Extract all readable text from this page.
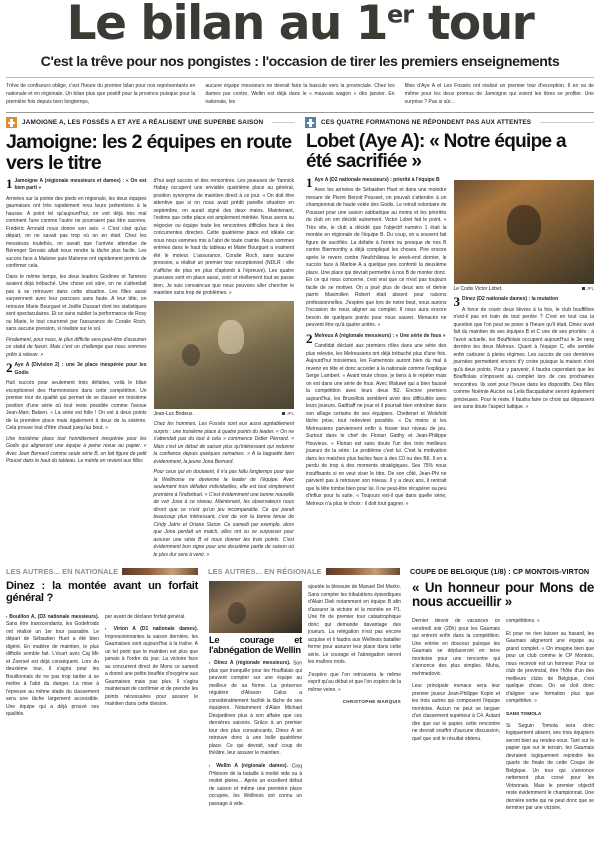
Le bilan au 1er tour
C'est la trêve pour nos pongistes : l'occasion de tirer les premiers enseignements
Trêve de confiseurs oblige, c'est l'heure du premier bilan pour nos représentants en nationale et en régionale. Un bilan plus que positif pour la province puisque pour la première fois depuis bien longtemps,
aucune équipe messieurs ne devrait faire la bascule vers la provinciale. Chez les dames par contre, Wellin est déjà dans le « mauvais wagon » dès janvier. En nationale, les
filles d'Aye A et Les Fossés ont réalisé un premier tour d'exception. Il en va de même pour les deux promus de Jamoigne qui voient les titres se profiler. Une surprise ? Pas si sûr...
JAMOIGNE A, LES FOSSÉS A ET AYE A RÉALISENT UNE SUPERBE SAISON	CES QUATRE FORMATIONS NE RÉPONDENT PAS AUX ATTENTES
Jamoigne: les 2 équipes en route vers le titre

1 Jamoigne A (régionale messieurs et dames) : « On est bien parti »

Arrivées sur la pointe des pieds en régionale, les deux équipes gaumaises ont très rapidement revu leurs prétentions à la hausse. A point tel qu'aujourd'hui, on voit déjà très mal comment l'une comme l'autre ne pourraient pas être sacrées. Frédéric Arnould nous donne son avis. « C'est clair qu'au départ, on ne savait pas trop où on en était. Chez les messieurs toutefois, on savait que l'arrivée attendue de Bérenger Servais allait nous rendre la tâche plus facile. Les succès face à Maloine puis Malonne ont rapidement permis de confirmer cela.

Dans le même temps, les deux leaders Godinne et Tamines avaient déjà trébuché. Une chose est sûre, on ne s'attendait pas à se retrouver dans cette situation. Les filles aussi surprennent avec leur parcours sans faute. A leur tête, on retrouve Marie Bourguet et Joëlle Dussart dont les statistiques sont spectaculaires. Et ce sans oublier la performance de Rosy ou Marie, le tout couronné par l'assurance de Coralie Roch, sans aucune pression, si réaliste sur le sol.

Finalement, pour nous, le plus difficile sera peut-être d'assumer ce statut de favori. Mais c'est un challenge que nous sommes prêts à relever. »

2 Aye A (Division 2) : une 3e place inespérée pour les Godis

Huit succès pour seulement trois défaites, voilà le bilan exceptionnel des Harmonoises dans cette compétition. Un premier tour de qualité qui permet de se classer en troisième position d'une série où tout reste possible comme l'avoue Jean-Marc Balsen. « La série est folle ! On est à deux points de la première place mais également à deux de la sixième. Cela prouve tout d'être chaud jusqu'au bout. »

Une troisième place tout honnêtement inespérée pour les Godis qui aligneront une équipe à peine revue au papier. « Avec Jean Bernard comme seule série B, on fait figure de petit Poucet dans le haut du tableau. Le mérite en revient aux filles

d'hui sept succès et des rencontres. Les joueuses de Yannick Habay occupent une enviable quatrième place au général, position synonyme de maintien direct à ce jour. « On doit être attentive que si on nous avait prédit pareille situation en septembre, on aurait signé des deux mains. Maintenant, l'estime que cette place est amplement méritée. Nous avons su négocier ou équipe toute les rencontres difficiles face à des concurrentes directes. Cette quatrième place est idéale car nous nous sommes mis à l'abri de toute crainte. Nous sommes entrées dans le haut du tableau et Marie Bourguet a vraiment été le moteur. L'assurance, Coralie Roch, sans aucune pression, a réalisé un premier tour exceptionnel (NDLR : elle n'affiche de plus en plus d'aplomb à l'épreuve). Les quatre joueuses sont en place aussi, voici et réellement tout se passe bien. Je suis convaincue que nous pouvons aller chercher le maintien sans trop de problèmes. »

Jean-Luc Bodeux.	JPL

Chez les hommes, Les Fossés sont eux aussi agréablement surpris : une troisième place à quatre points du leader. « On ne s'attendait pas du tout à cela » commence Didier Pierrard. « Mais c'est un début de saison plus qu'intéressant qui redonne la confiance depuis quelques semaines. » A la baguette bien évidemment, la jeune Jona Bernard.

Pour ceux qui en doutaient, il n'a pas fallu longtemps pour que la Wellinoise ne devienne la leader de l'équipe. Avec seulement trois défaites individuelles, elle est tout simplement première à l'individuel. « C'est évidemment une bonne nouvelle de voir Jona à ce niveau. Maintenant, les observateurs nous diront que ce n'est qu'un jeu incomparable. Ce qui parait beaucoup plus intéressant, c'est de voir la bonne tenue de Cindy Jatris et Oriane Siston. Ce samedi par exemple, alors que Jona perdait un match, elles ont su se surpasser pour assurer une série B et nous donner les trois points. C'est évidemment bon signe pour une deuxième partie de saison où le plus dur sera à venir. »

Lobet (Aye A): « Notre équipe a été sacrifiée »

1 Aye A (D2 nationale messieurs) : priorité à l'équipe B

Avec les arrivées de Sébastien Huet et dans une moindre mesure de Pierre Benoit Pousset, on pouvait s'attendre à un championnat de haute volée des Godis. Le retrait volontaire de Pousset pour une saison sabbatique au moins et les priorités du club en ont décidé autrement. Victor Lobet fait le point. « Très vite, le club a décidé que l'objectif numéro 1 était la montée en régionale de l'équipe B. Du coup, on a souvent fait figure de sacrifiés. La défaite à l'entre ou presque de nos B contre Biermonthy a déjà compliqué les choses. Pire encore après le revers contre Neufchâteau le week-end dernier, le succès face à Marloie A a quelque peu conforté la deuxième place. Une place qui devrait permettre à nos B de monter donc. En ce qui nous concerne, c'est vrai que ce n'est pas toujours facile de se motiver. On a joué plus de deux ans et demie parmi Maximilien Robert était absent pour raisons professionnelles. J'espère que lors de notre bout, nous aurons l'occasion de nous aligner au complet. Il nous aura encore besoin de quelques points pour nous sauver. Menacés ne peuvent être qu'à quatre unités. »

2 Melreux A (régionale messieurs) : « Une série de fous »

Candidat déclaré aux premiers rôles dans une série des plus relevée, les Melreusiens ont déjà trébuché plus d'une fois. Aujourd'hui troisièmes, les Famennois auront bien du mal à revenir en tête et donc accéder à la nationale comme l'explique Serge Lambert. « Avant toute chose, je tiens à le répéter mais on est dans une série de fous. Avec Waluwé qui a bien faussé la compétition avec leurs deux B2. Encore premiers aujourd'hui, les Bruxellois semblent avoir des difficultés avec leurs joueurs. Gatthaff ne joue et il pourrait bien entraîner dans son sillage certains de ses équipiers. Cheltenet et Wolsfeld lâche prise, tout redevient possible. « Du moins si les Melreusiens parviennent enfin à hisser leur niveau de jeu. Surtout dans le chef de Florian Gatthy et Jean-Philippe Houvieux. « Florian est sans doute l'un des trois meilleurs joueurs de la série. Le problème c'est lui. C'est la motivation dans les matches plus faciles face à des C0 ou des B6. Il en a perdu de trop à des moments stratégiques. Ses 75% nous insuffisants si on veut viser le titre. De son côté, Jean-Phi ne parvient pas à retrouver son niveau. Il y a deux ans, il rentrait que la tête tombe bien pour lui. Il ne peut-être récupérer sa peu d'influx pour la suite. « Toujours est-il que dans quelle série, Melreux n'a plus le choix : il doit tout gagner. »

Le Codis Victor Lobet.	JPL

3 Dinez (D2 nationale dames) : la mutation

A force de courir deux lièvres à la fois, le club bouffillois n'est-il pas en train de tout perdre ? C'est en tout cas la question que l'on peut se poser à l'heure qu'il était. Dinez avait fait du maintien de ses équipes B et C une de ses priorités : à l'avoir actuelle, les Bouffiolais occupent aujourd'hui le 3e rang derrière les deux Melreux. Quant à l'équipe C, elle semble enfin carburer à pleins régimes. Les succès de ces dernières journées permettent encore d'y croire puisque la maison n'est qu'à deux points. Pour y parvenir, il faudra cependant que les Bouffiolais s'imposent au complet lors de ces prochaines rencontres. Ils sont pour l'heure dans les dispositifs. Des filles comme Noémie Aucion ou Leila Bacqualaine seront également précieuses. Pour le reste, il faudra faire ce choix qui dépassent ses sans doute l'aspect ludique. »

LES AUTRES... EN NATIONALE	LES AUTRES... EN RÉGIONALE	COUPE DE BELGIQUE (1/8) : CP MONTOIS-VIRTON
Dinez : la montée avant un forfait général ?

▪ Bouillon A, (D3 nationale messieurs). Sans être transcendants, les Godefroids ont réalisé un 1er tour passable. Le départ de Sébastien Huet a été bien digéré. En matière de maintien, le plus difficile semble fait. L'écart avec Caj Mir et Zoersel est déjà conséquent. Lors du deuxième tour, il s'agira pour les Bouillonnais de ne pas trop tarder à se mettre à l'abri du danger. La mise à l'épreuve au même stade du classement sera une tâche largement accessible. Une équipe qui a déjà prouvé ses qualités.

per avant de déclarer forfait général.

▪ Virton A (D1 nationale dames). Impressionnantes la saison dernière, les Gaumaises sont aujourd'hui à la traîne. A un tel point que le maintien est plus que jamais à l'ordre du jour. La victoire face au concurrent direct de Mons ce samedi a donné une petite bouffée d'oxygène aux Gaumaises mais pas plus. Il s'agira maintenant de confirmer et de prendre les points nécessaires pour assurer le maintien dans cette division.

Le courage et l'abnégation de Wellin

▪ Dinez A (régionale messieurs). Son plus que tranquille pour les Houffalais qui peuvent compter sur une équipe au meilleur de sa forme. La présence régulière d'Alisson Calos a considérablement facilité la tâche de ses équipiers. Notamment d'Alain Michael Desjardines plus à son affaire que ces dernières saisons. Grâce à un premier tour des plus convaincants, Dinez A se retrouve donc à une belle quatrième place. Ce qui devrait, sauf coup de théâtre, leur assurer le maintien.

▪ Wellin A (régionale dames). Cinq l'Histoire de la bataille à moitié vide ou à moitié pleine... Après un excellent début de saison et même une première place occupée, les Wellinois ont connu un passage à vide.

ajoutée la blessure de Manuel Del Marko. Sans compter les tribulations épisodiques d'Alain Dieli notamment en équipe B afin d'assurer la victoire et la montée en P1. Une fin de premier tour catastrophique donc qui demande davantage des joueurs. La relégation n'est pas encore acquise et il faudra aux Wellinois batailler ferme pour assurer leur place dans cette série. Le courage et l'abnégation seront les maîtres mots.

J'espère que l'on retrouvera le même esprit qu'au début et que l'on espère de la même veine. »

CHRISTOPHE MARQUIS
« Un honneur pour Mons de nous accueillir »

Dernier devoir de vacances ce vendredi soir (20h) pour les Gaumais qui entrent enfin dans la compétition. Une entrée en douceur puisque les Gaumais se déplaceront en terre montoise pour une rencontre qui s'annonce des plus simples. Muha, mehmedovic.

Leur principale menace sera leur premier joueur Jean-Philippe Koplo et les trois autres qui composent l'équipe montoise. Aucun ne peut se targuer d'un classement supérieur à C4. Autant dire que sur le papier, cette rencontre ne devrait souffrir d'aucune discussion, quel que soit le résultat obtenu.

compétitions. »

Et pour ne rien laisser au hasard, les Gaumais aligneront une équipe au grand complet. « On imagine bien que pour un club comme le CP Montois, nous recevoir est un honneur. Pour ce club de provincial, être l'hôte d'un des meilleurs clubs de Belgique, c'est quelque chose. On se doit donc d'aligner une formation plus que compétitive. »

SANS TOMOLA

Si Seguin Tomola sera donc logiquement absent, ses trois équipiers seront bien au rendez-vous. Tant sur le papier que sur le terrain, les Gaumais devraient logiquement rejoindre les quarts de finale de cette Coupe de Belgique. Un tour qui s'annonce nettement plus corsé pour les Virtonnais. Mais le premier objectif reste évidemment le championnat. Une dernière sortie qui ne peut donc que se terminer par une victoire.
